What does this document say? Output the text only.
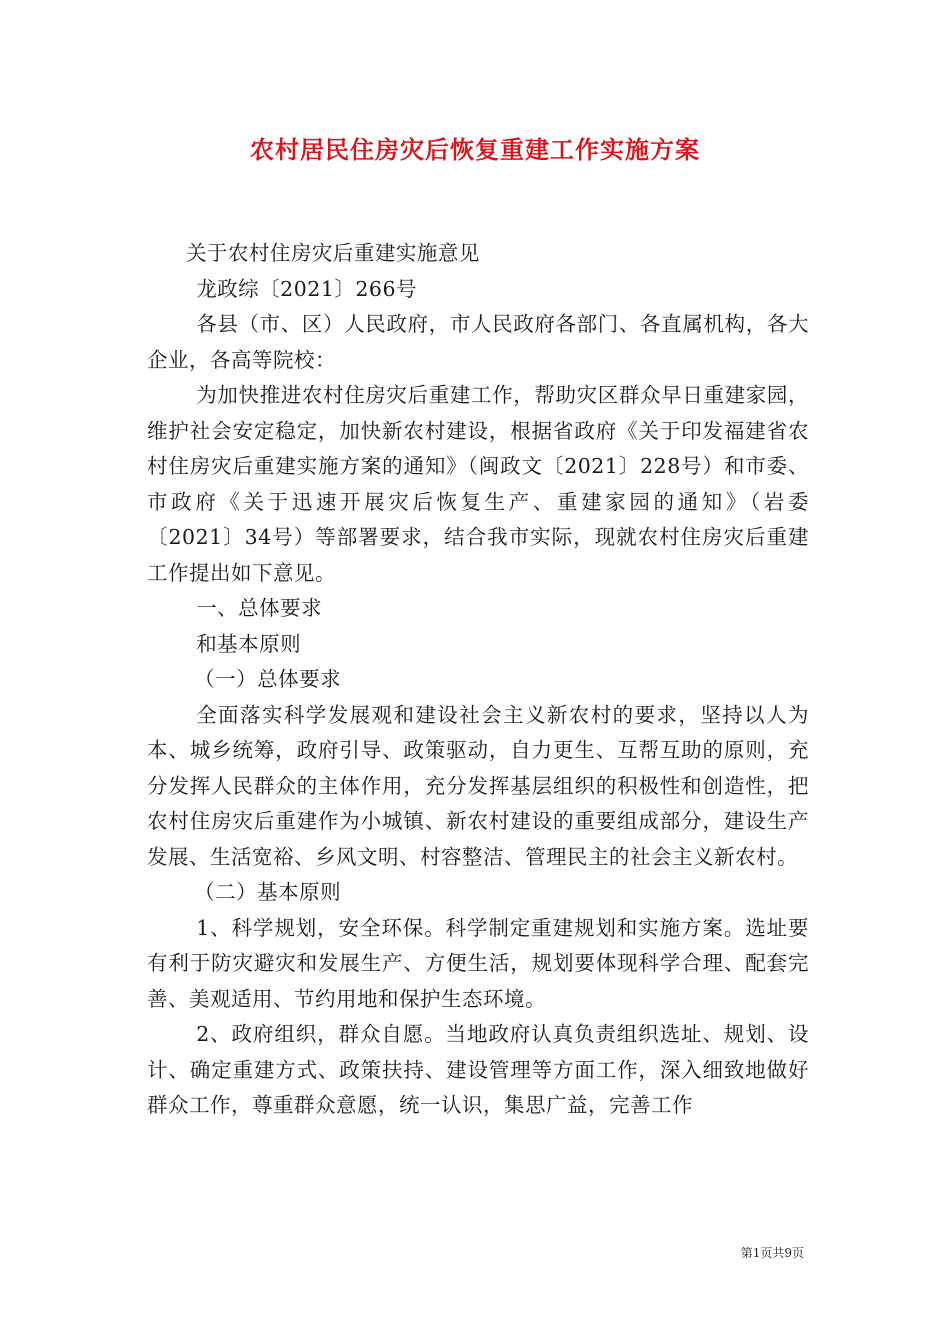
农村居民住房灾后恢复重建工作实施方案

关于农村住房灾后重建实施意见

龙政综〔2021〕266号

各县（市、区）人民政府，市人民政府各部门、各直属机构，各大企业，各高等院校：

为加快推进农村住房灾后重建工作，帮助灾区群众早日重建家园，维护社会安定稳定，加快新农村建设，根据省政府《关于印发福建省农村住房灾后重建实施方案的通知》（闽政文〔2021〕228号）和市委、市政府《关于迅速开展灾后恢复生产、重建家园的通知》（岩委〔2021〕34号）等部署要求，结合我市实际，现就农村住房灾后重建工作提出如下意见。

一、总体要求

和基本原则

（一）总体要求

全面落实科学发展观和建设社会主义新农村的要求，坚持以人为本、城乡统筹，政府引导、政策驱动，自力更生、互帮互助的原则，充分发挥人民群众的主体作用，充分发挥基层组织的积极性和创造性，把农村住房灾后重建作为小城镇、新农村建设的重要组成部分，建设生产发展、生活宽裕、乡风文明、村容整洁、管理民主的社会主义新农村。

（二）基本原则

1、科学规划，安全环保。科学制定重建规划和实施方案。选址要有利于防灾避灾和发展生产、方便生活，规划要体现科学合理、配套完善、美观适用、节约用地和保护生态环境。

2、政府组织，群众自愿。当地政府认真负责组织选址、规划、设计、确定重建方式、政策扶持、建设管理等方面工作，深入细致地做好群众工作，尊重群众意愿，统一认识，集思广益，完善工作

第1页共9页
